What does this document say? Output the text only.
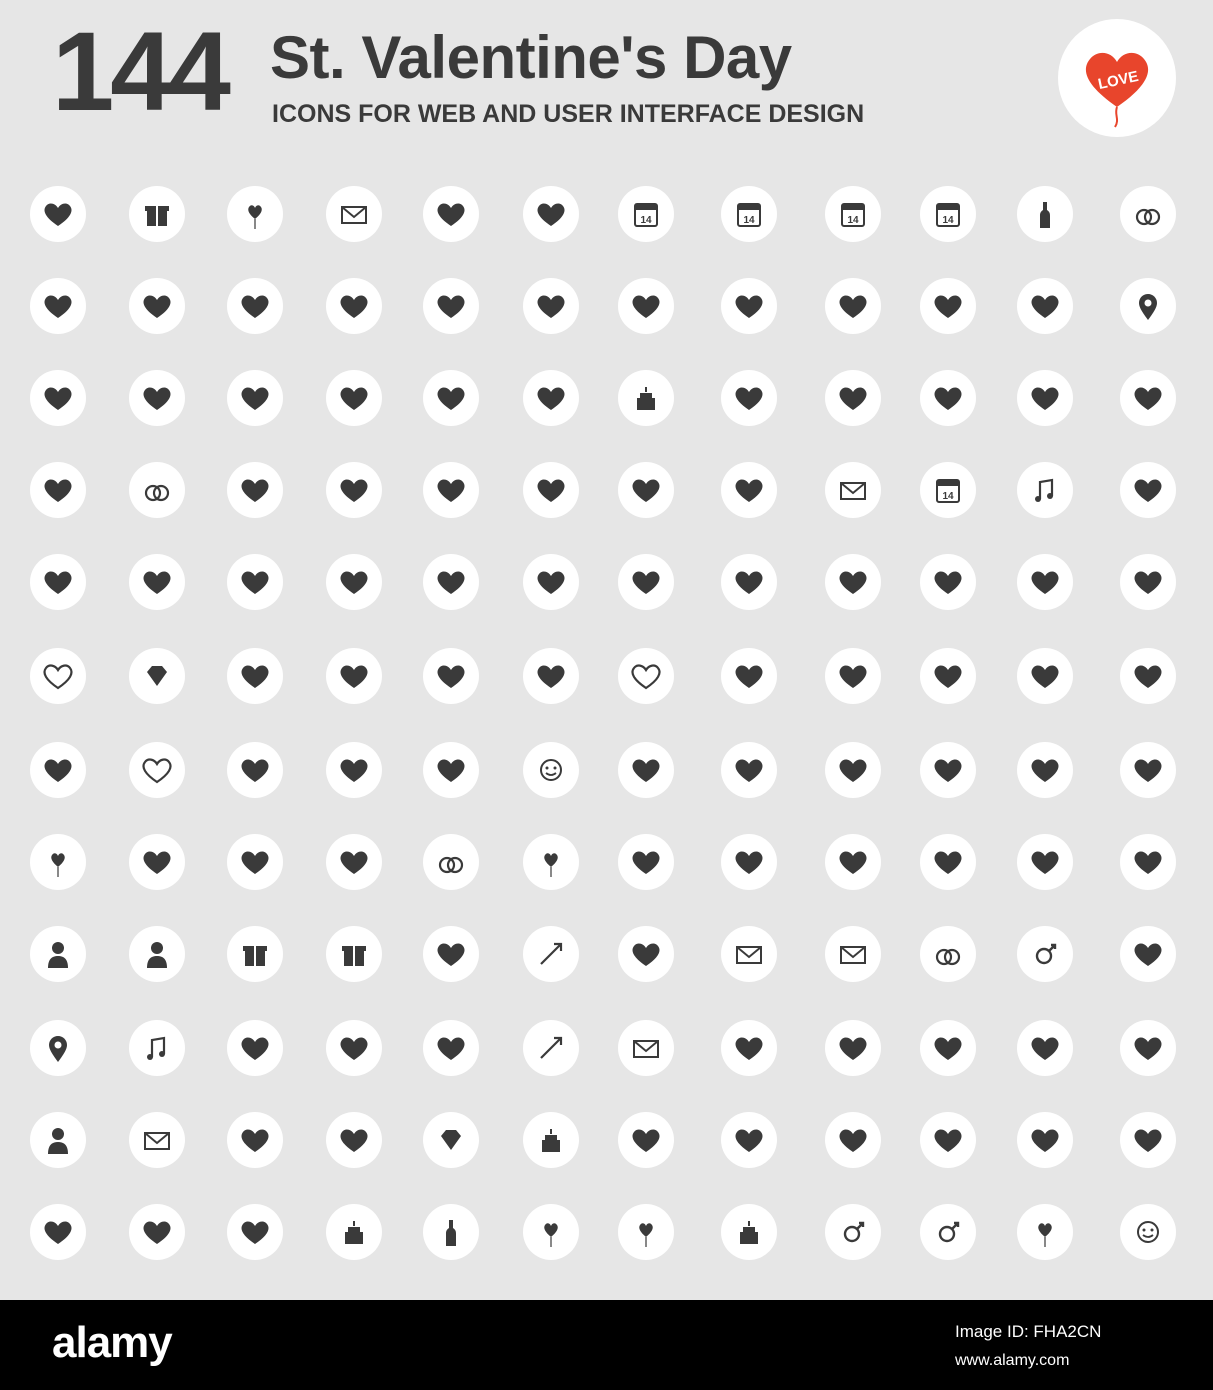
144 St. Valentine's Day
ICONS FOR WEB AND USER INTERFACE DESIGN
LOVE
14	14	14	14
14
alamy	Image ID: FHA2CN
www.alamy.com
